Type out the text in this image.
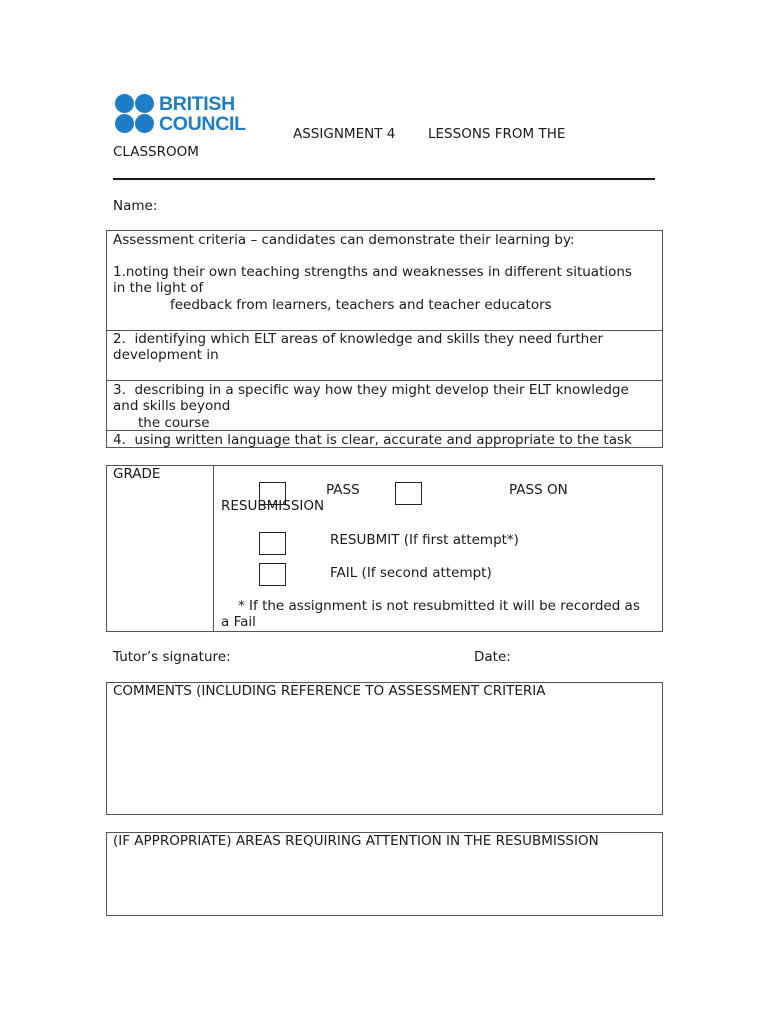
BRITISH
COUNCIL	ASSIGNMENT 4 LESSONS FROM THE
CLASSROOM
Name:
Assessment criteria – candidates can demonstrate their learning by:
1.noting their own teaching strengths and weaknesses in different situations
in the light of
feedback from learners, teachers and teacher educators
2.  identifying which ELT areas of knowledge and skills they need further
development in
3.  describing in a specific way how they might develop their ELT knowledge
and skills beyond
the course
4.  using written language that is clear, accurate and appropriate to the task
GRADE
PASS	PASS ON
RESUBMISSION
RESUBMIT (If first attempt*)
FAIL (If second attempt)
* If the assignment is not resubmitted it will be recorded as
a Fail
Tutor’s signature:	Date:
COMMENTS (INCLUDING REFERENCE TO ASSESSMENT CRITERIA
(IF APPROPRIATE) AREAS REQUIRING ATTENTION IN THE RESUBMISSION
